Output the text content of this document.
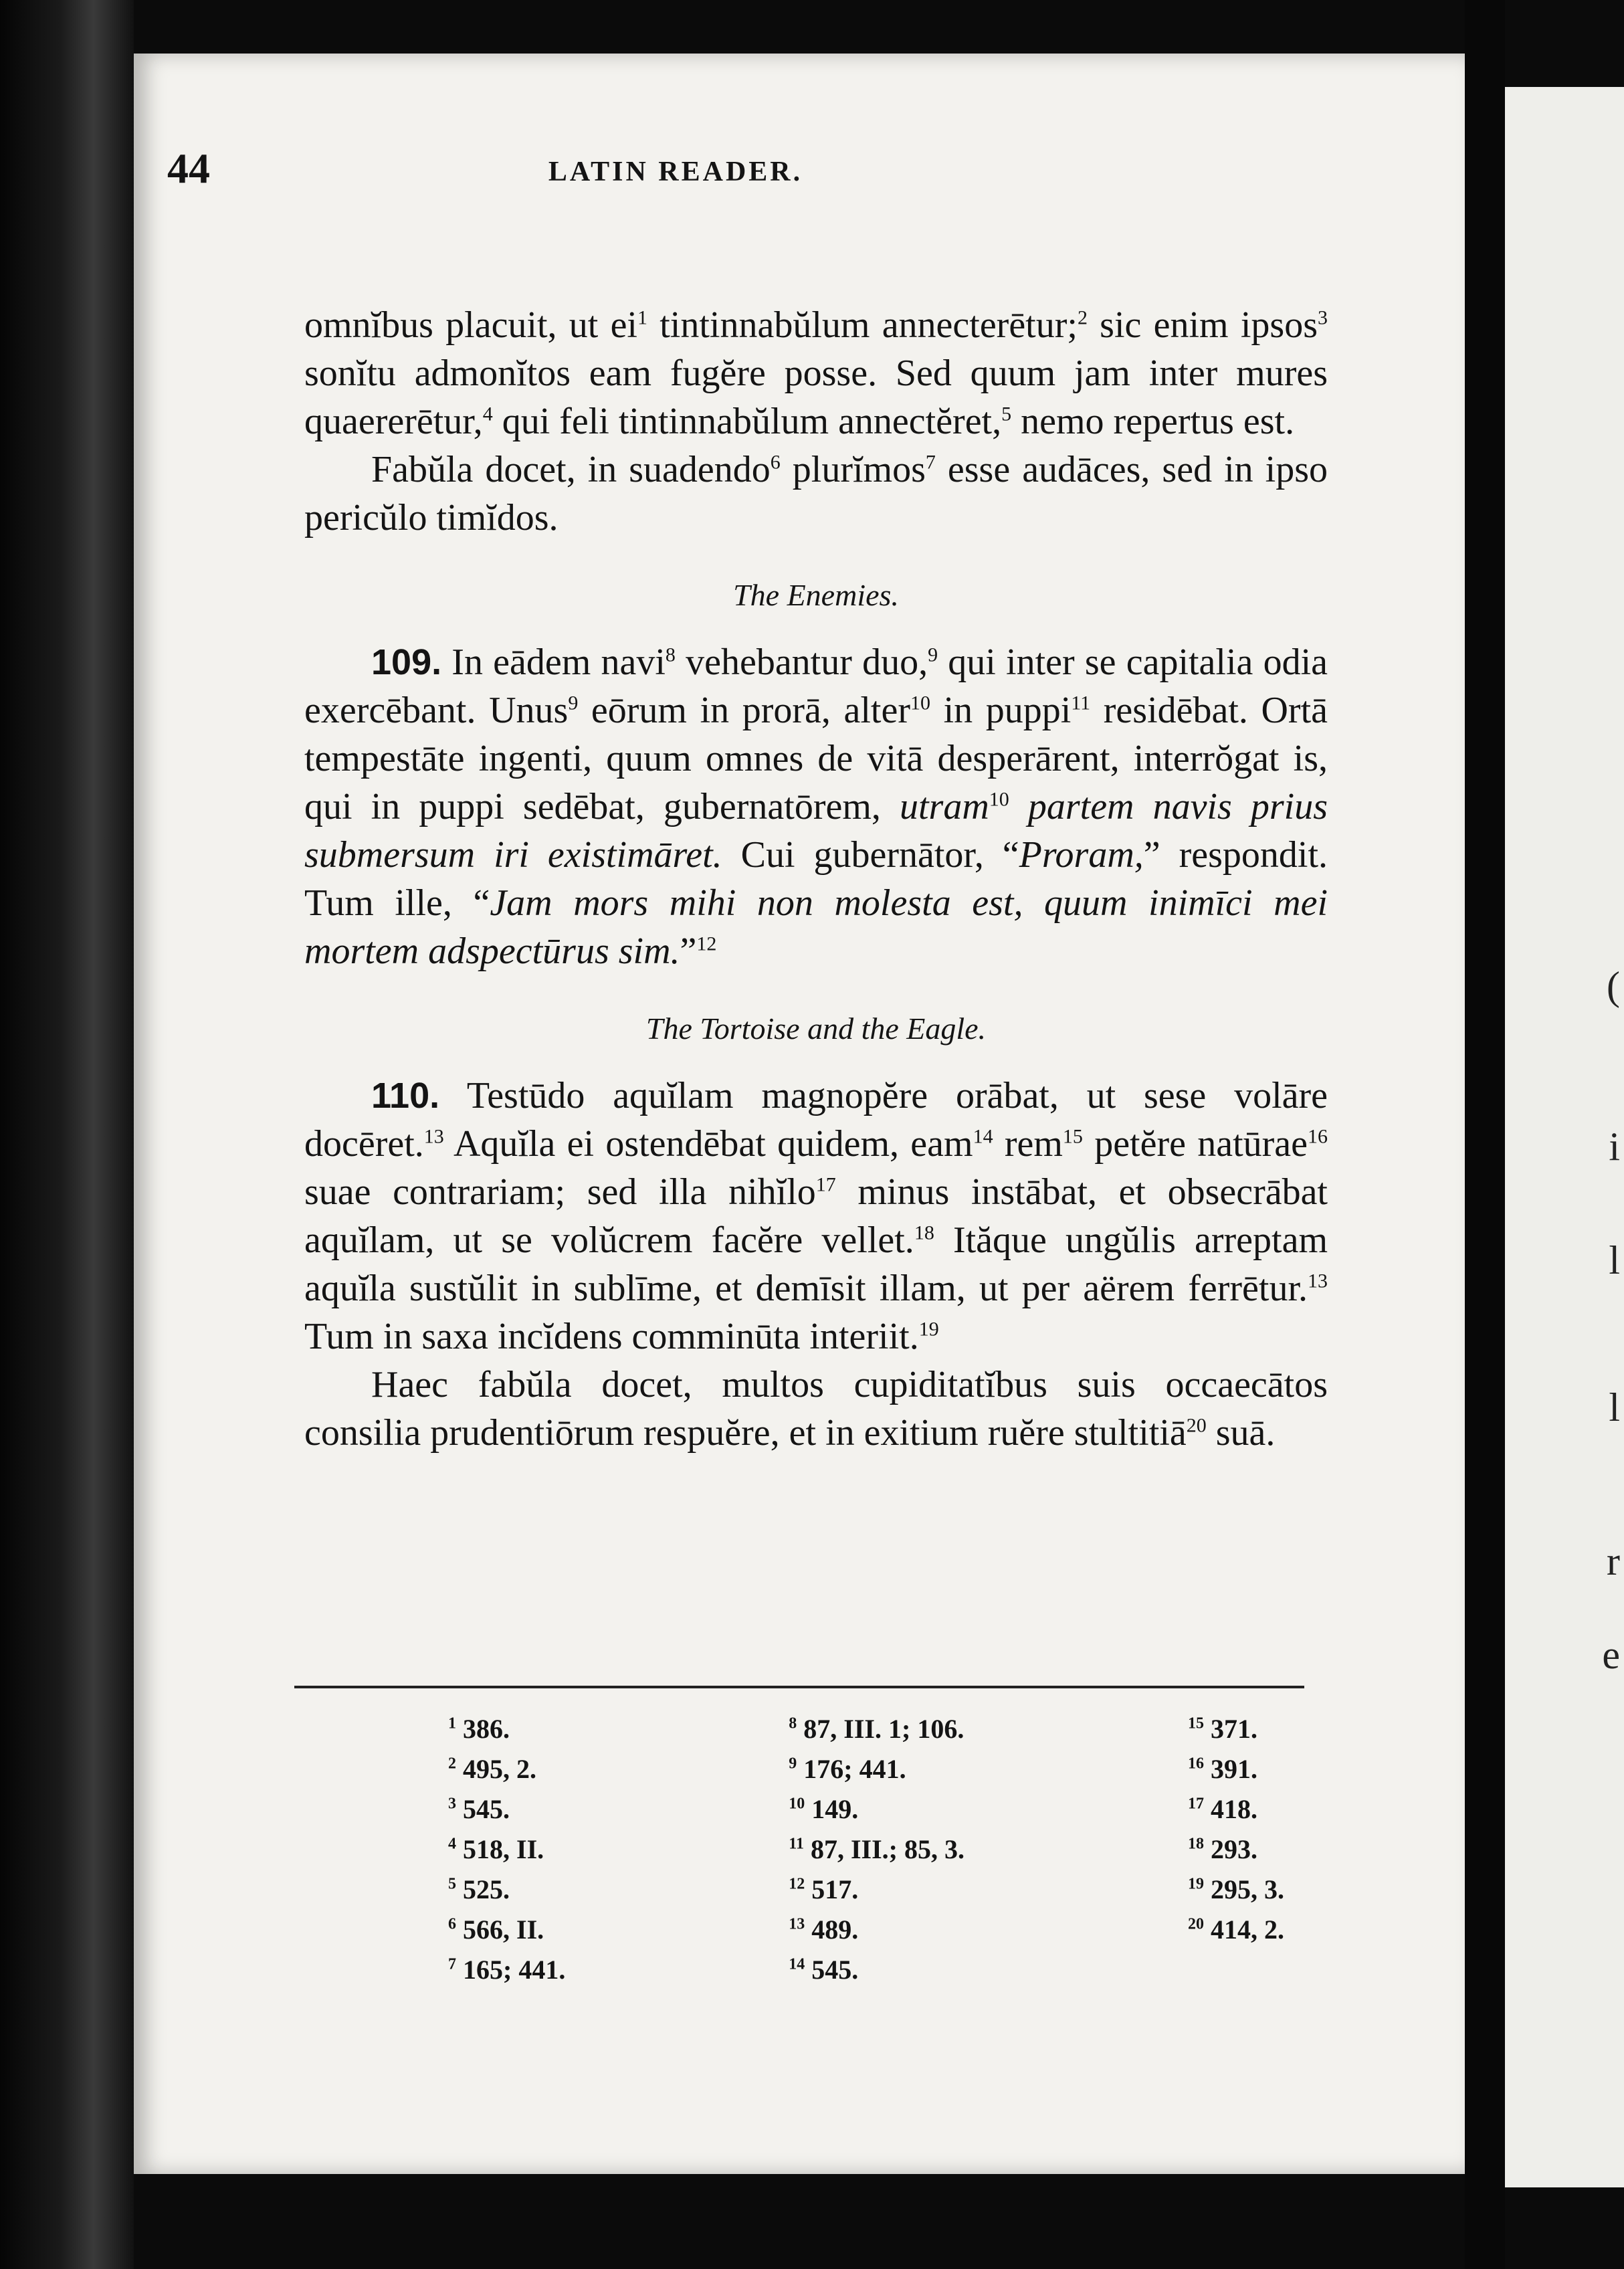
44	LATIN READER.

omnĭbus placuit, ut $ei^1$ tintinnabŭlum annecterētur;$^2$ sic enim ipsos$^3$ sonĭtu admonĭtos eam fugĕre posse. Sed quum jam inter mures quaererētur,$^4$ qui feli tintinnabŭlum annectĕret,$^5$ nemo repertus est.

Fabŭla docet, in suadendo$^6$ plurĭmos$^7$ esse audāces, sed in ipso pericŭlo timĭdos.

The Enemies.

109. In eādem navi$^8$ vehebantur duo,$^9$ qui inter se capitalia odia exercēbant. Unus$^9$ eōrum in prorā, alter$^{10}$ in puppi$^{11}$ residēbat. Ortā tempestāte ingenti, quum omnes de vitā desperārent, interrŏgat is, qui in puppi sedēbat, gubernatōrem, utram$^{10}$ partem navis prius submersum iri existimāret. Cui gubernātor, “Proram,” respondit. Tum ille, “Jam mors mihi non molesta est, quum inimīci mei mortem adspectūrus sim.”$^{12}$

The Tortoise and the Eagle.

110. Testūdo aquĭlam magnopĕre orābat, ut sese volāre docēret.$^{13}$ Aquĭla ei ostendēbat quidem, eam$^{14}$ rem$^{15}$ petĕre natūrae$^{16}$ suae contrariam; sed illa nihĭlo$^{17}$ minus instābat, et obsecrābat aquĭlam, ut se volŭcrem facĕre vellet.$^{18}$ Ităque ungŭlis arreptam aquĭla sustŭlit in sublīme, et demīsit illam, ut per aërem ferrētur.$^{13}$ Tum in saxa incĭdens comminūta interiit.$^{19}$

Haec fabŭla docet, multos cupiditatĭbus suis occaecātos consilia prudentiōrum respuĕre, et in exitium ruĕre stultitiā$^{20}$ suā.

$^1$ 386.
$^2$ 495, 2.
$^3$ 545.
$^4$ 518, II.
$^5$ 525.
$^6$ 566, II.
$^7$ 165; 441.
$^8$ 87, III. 1; 106.
$^9$ 176; 441.
$^{10}$ 149.
$^{11}$ 87, III.; 85, 3.
$^{12}$ 517.
$^{13}$ 489.
$^{14}$ 545.
$^{15}$ 371.
$^{16}$ 391.
$^{17}$ 418.
$^{18}$ 293.
$^{19}$ 295, 3.
$^{20}$ 414, 2.
(
i
l
l
r
e
